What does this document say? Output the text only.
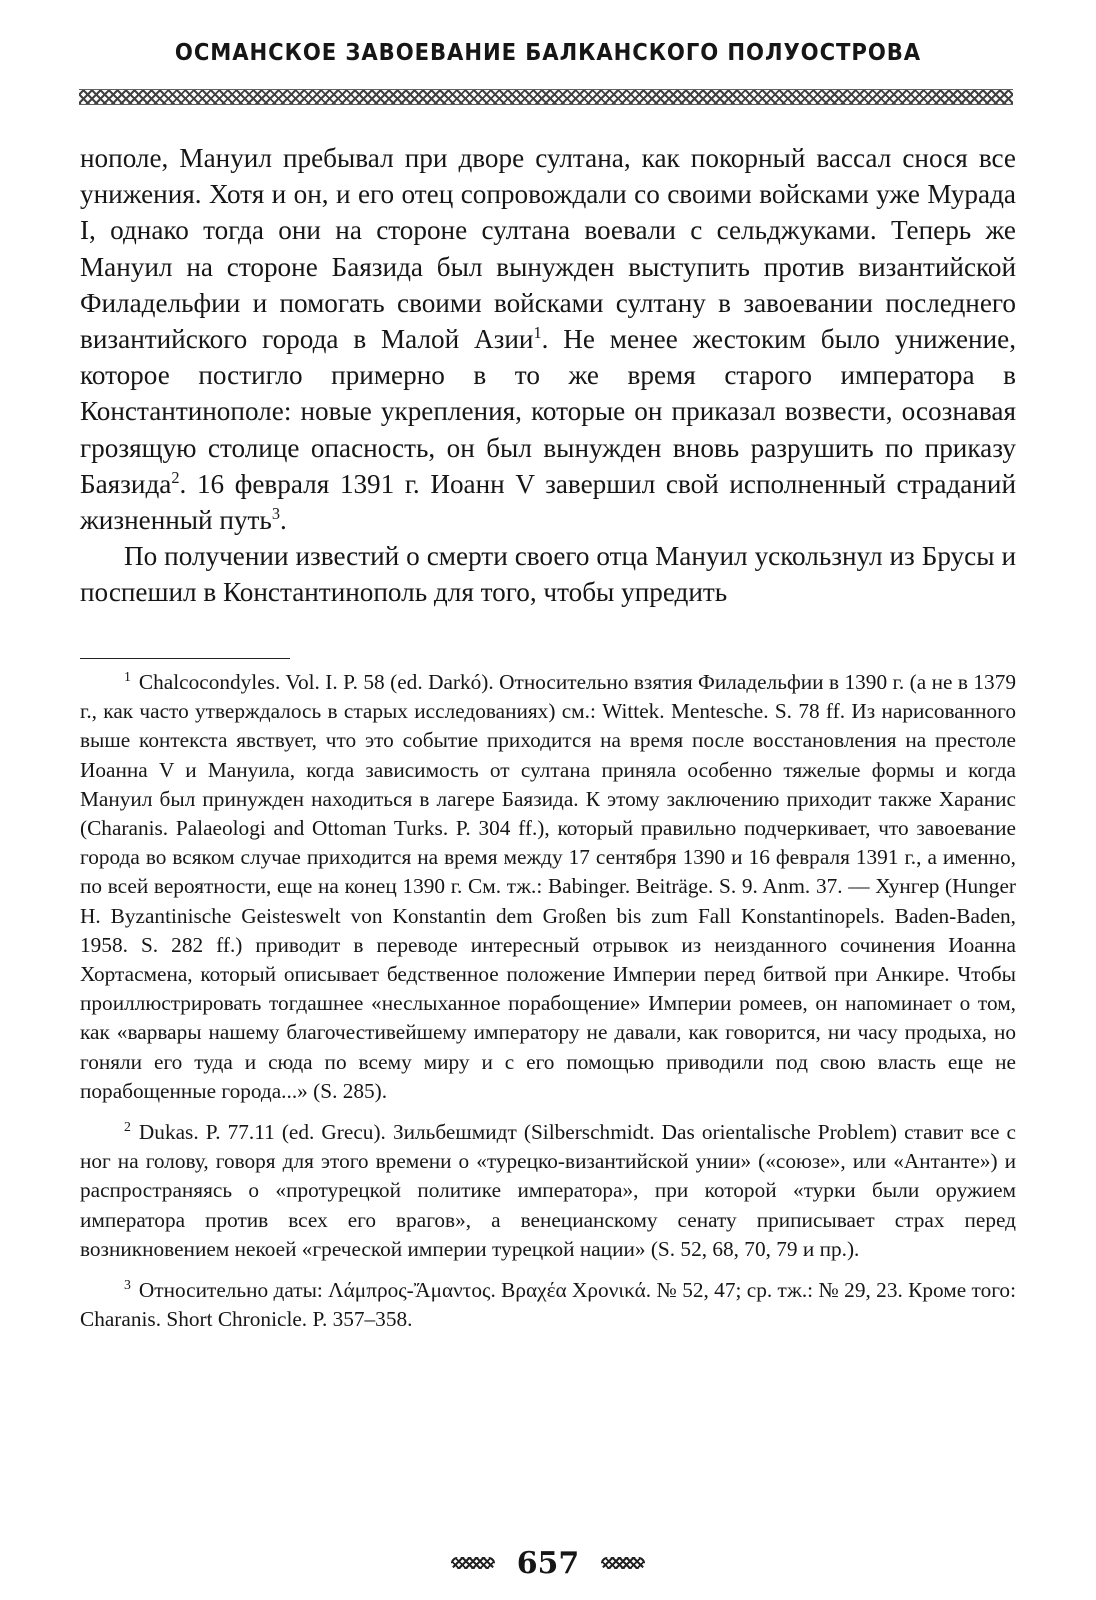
ОСМАНСКОЕ ЗАВОЕВАНИЕ БАЛКАНСКОГО ПОЛУОСТРОВА

нополе, Мануил пребывал при дворе султана, как покорный вассал снося все унижения. Хотя и он, и его отец сопровождали со своими войсками уже Мурада I, однако тогда они на стороне султана воевали с сельджуками. Теперь же Мануил на стороне Баязида был вынужден выступить против византийской Филадельфии и помогать своими войсками султану в завоевании последнего византийского города в Малой Азии$^1$. Не менее жестоким было унижение, которое постигло примерно в то же время старого императора в Константинополе: новые укрепления, которые он приказал возвести, осознавая грозящую столице опасность, он был вынужден вновь разрушить по приказу Баязида$^2$. 16 февраля 1391 г. Иоанн V завершил свой исполненный страданий жизненный путь$^3$.

По получении известий о смерти своего отца Мануил ускользнул из Брусы и поспешил в Константинополь для того, чтобы упредить

$^1$ Chalcocondyles. Vol. I. P. 58 (ed. Darkó). Относительно взятия Филадельфии в 1390 г. (а не в 1379 г., как часто утверждалось в старых исследованиях) см.: Wittek. Mentesche. S. 78 ff. Из нарисованного выше контекста явствует, что это событие приходится на время после восстановления на престоле Иоанна V и Мануила, когда зависимость от султана приняла особенно тяжелые формы и когда Мануил был принужден находиться в лагере Баязида. К этому заключению приходит также Харанис (Charanis. Palaeologi and Ottoman Turks. P. 304 ff.), который правильно подчеркивает, что завоевание города во всяком случае приходится на время между 17 сентября 1390 и 16 февраля 1391 г., а именно, по всей вероятности, еще на конец 1390 г. См. тж.: Babinger. Beiträge. S. 9. Anm. 37. — Хунгер (Hunger H. Byzantinische Geisteswelt von Konstantin dem Großen bis zum Fall Konstantinopels. Baden-Baden, 1958. S. 282 ff.) приводит в переводе интересный отрывок из неизданного сочинения Иоанна Хортасмена, который описывает бедственное положение Империи перед битвой при Анкире. Чтобы проиллюстрировать тогдашнее «неслыханное порабощение» Империи ромеев, он напоминает о том, как «варвары нашему благочестивейшему императору не давали, как говорится, ни часу продыха, но гоняли его туда и сюда по всему миру и с его помощью приводили под свою власть еще не порабощенные города...» (S. 285).

$^2$ Dukas. P. 77.11 (ed. Grecu). Зильбешмидт (Silberschmidt. Das orientalische Problem) ставит все с ног на голову, говоря для этого времени о «турецко-византийской унии» («союзе», или «Антанте») и распространяясь о «протурецкой политике императора», при которой «турки были оружием императора против всех его врагов», а венецианскому сенату приписывает страх перед возникновением некоей «греческой империи турецкой нации» (S. 52, 68, 70, 79 и пр.).

$^3$ Относительно даты: Λάμπρος-Ἄμαντος. Βραχέα Χρονικά. № 52, 47; ср. тж.: № 29, 23. Кроме того: Charanis. Short Chronicle. P. 357–358.

657
